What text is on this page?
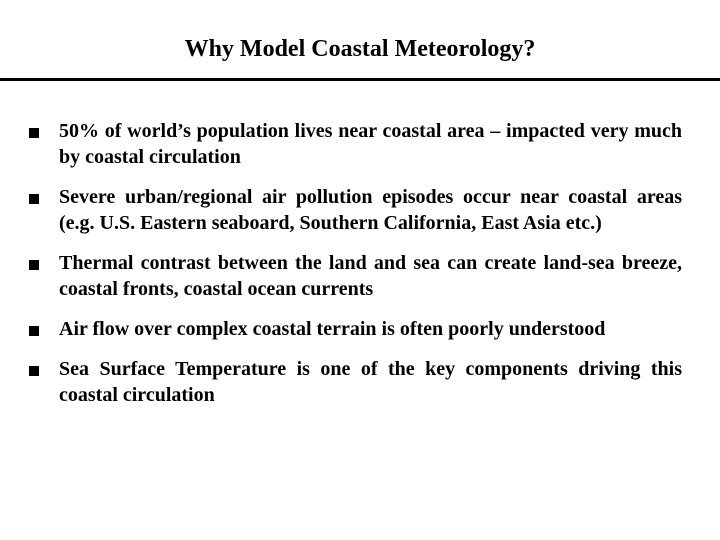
Why Model Coastal Meteorology?
50% of world’s population lives near coastal area – impacted very much by coastal circulation
Severe urban/regional air pollution episodes occur near coastal areas (e.g. U.S. Eastern seaboard, Southern California, East Asia etc.)
Thermal contrast between the land and sea can create land-sea breeze, coastal fronts, coastal ocean currents
Air flow over complex coastal terrain is often poorly understood
Sea Surface Temperature is one of the key components driving this coastal circulation
